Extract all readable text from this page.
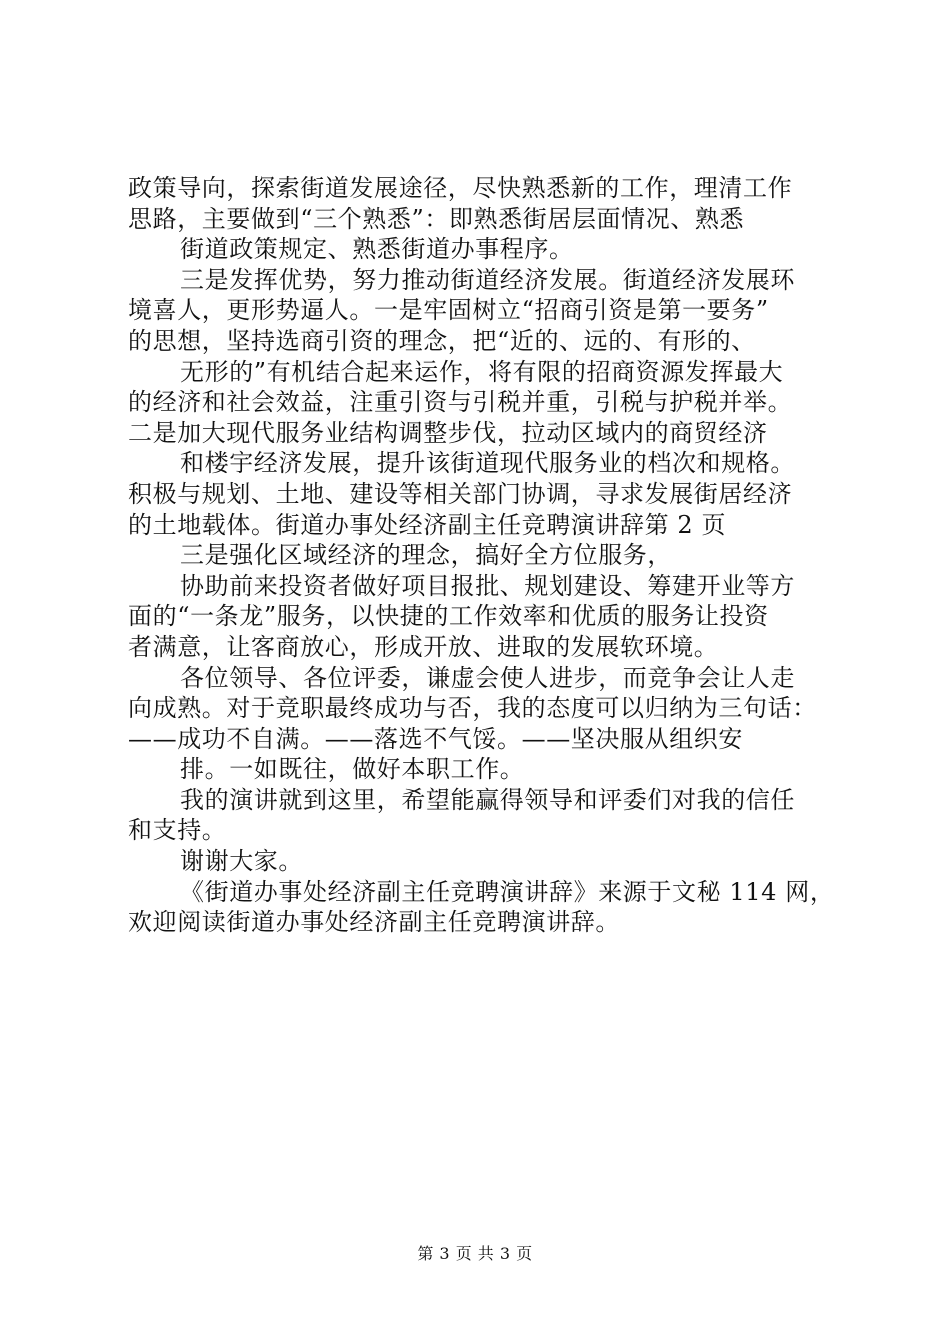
政策导向，探索街道发展途径，尽快熟悉新的工作，理清工作
思路，主要做到“三个熟悉”：即熟悉街居层面情况、熟悉
街道政策规定、熟悉街道办事程序。
三是发挥优势，努力推动街道经济发展。街道经济发展环
境喜人，更形势逼人。一是牢固树立“招商引资是第一要务”
的思想，坚持选商引资的理念，把“近的、远的、有形的、
无形的”有机结合起来运作，将有限的招商资源发挥最大
的经济和社会效益，注重引资与引税并重，引税与护税并举。
二是加大现代服务业结构调整步伐，拉动区域内的商贸经济
和楼宇经济发展，提升该街道现代服务业的档次和规格。
积极与规划、土地、建设等相关部门协调，寻求发展街居经济
的土地载体。街道办事处经济副主任竞聘演讲辞第 2 页
三是强化区域经济的理念，搞好全方位服务，
协助前来投资者做好项目报批、规划建设、筹建开业等方
面的“一条龙”服务，以快捷的工作效率和优质的服务让投资
者满意，让客商放心，形成开放、进取的发展软环境。
各位领导、各位评委，谦虚会使人进步，而竞争会让人走
向成熟。对于竞职最终成功与否，我的态度可以归纳为三句话：
——成功不自满。——落选不气馁。——坚决服从组织安
排。一如既往，做好本职工作。
我的演讲就到这里，希望能赢得领导和评委们对我的信任
和支持。
谢谢大家。
《街道办事处经济副主任竞聘演讲辞》来源于文秘 114 网，
欢迎阅读街道办事处经济副主任竞聘演讲辞。
第 3 页 共 3 页
